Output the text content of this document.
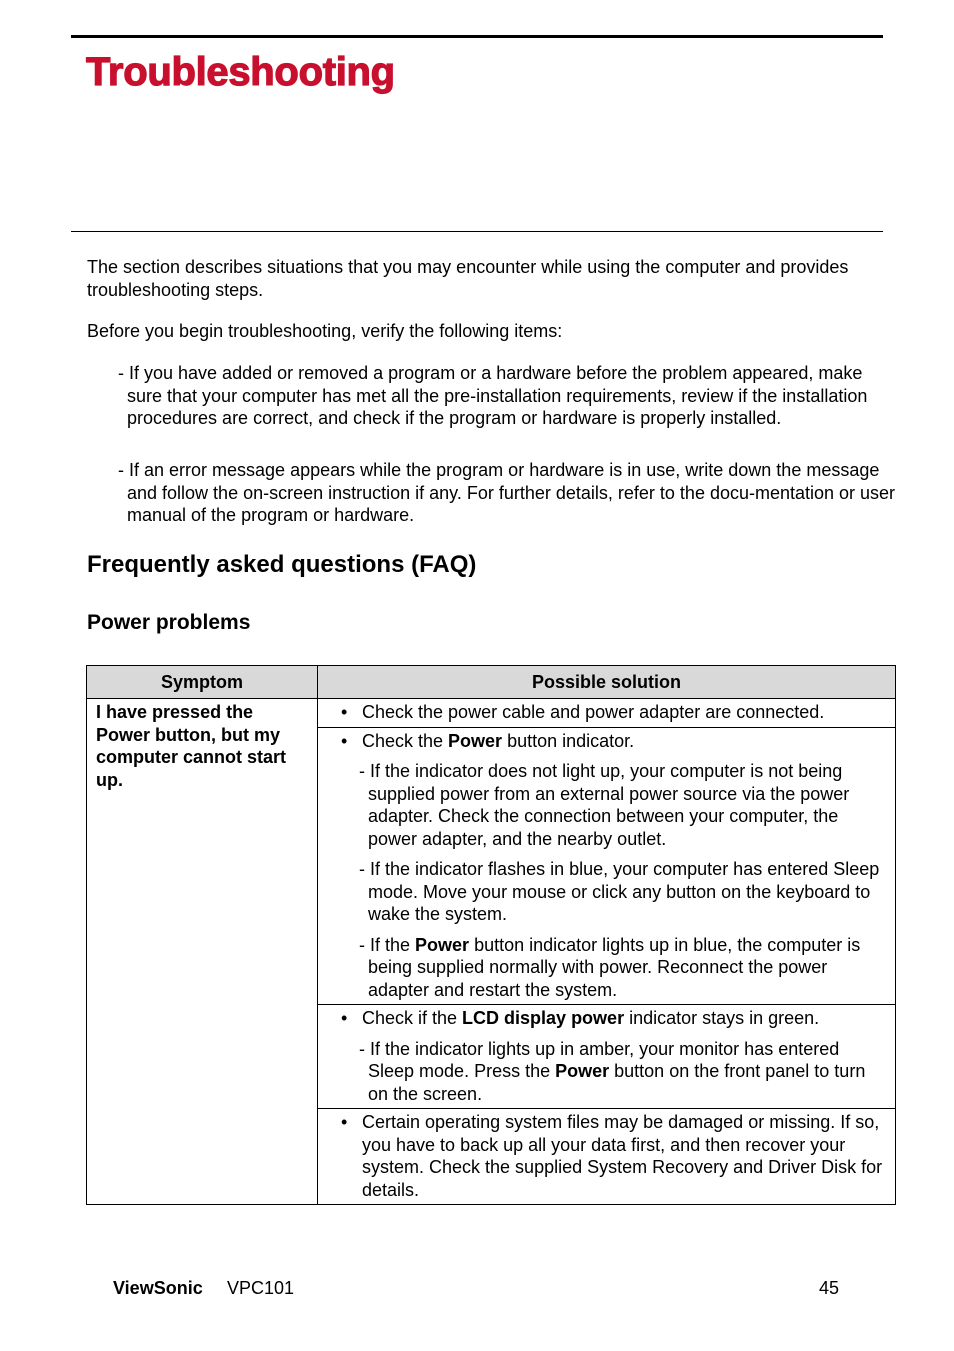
Troubleshooting

The section describes situations that you may encounter while using the computer and provides troubleshooting steps.

Before you begin troubleshooting, verify the following items:

- If you have added or removed a program or a hardware before the problem appeared, make sure that your computer has met all the pre-installation requirements, review if the installation procedures are correct, and check if the program or hardware is properly installed.

- If an error message appears while the program or hardware is in use, write down the message and follow the on-screen instruction if any. For further details, refer to the docu-mentation or user manual of the program or hardware.

Frequently asked questions (FAQ)
Power problems
Symptom	Possible solution
I have pressed the Power button, but my computer cannot start up.	• Check the power cable and power adapter are connected.

	• Check the Power button indicator.
- If the indicator does not light up, your computer is not being supplied power from an external power source via the power adapter. Check the connection between your computer, the power adapter, and the nearby outlet.
- If the indicator flashes in blue, your computer has entered Sleep mode. Move your mouse or click any button on the keyboard to wake the system.
- If the Power button indicator lights up in blue, the computer is being supplied normally with power. Reconnect the power adapter and restart the system.

	• Check if the LCD display power indicator stays in green.
- If the indicator lights up in amber, your monitor has entered Sleep mode. Press the Power button on the front panel to turn on the screen.

	• Certain operating system files may be damaged or missing. If so, you have to back up all your data first, and then recover your system. Check the supplied System Recovery and Driver Disk for details.
ViewSonic VPC101	45
